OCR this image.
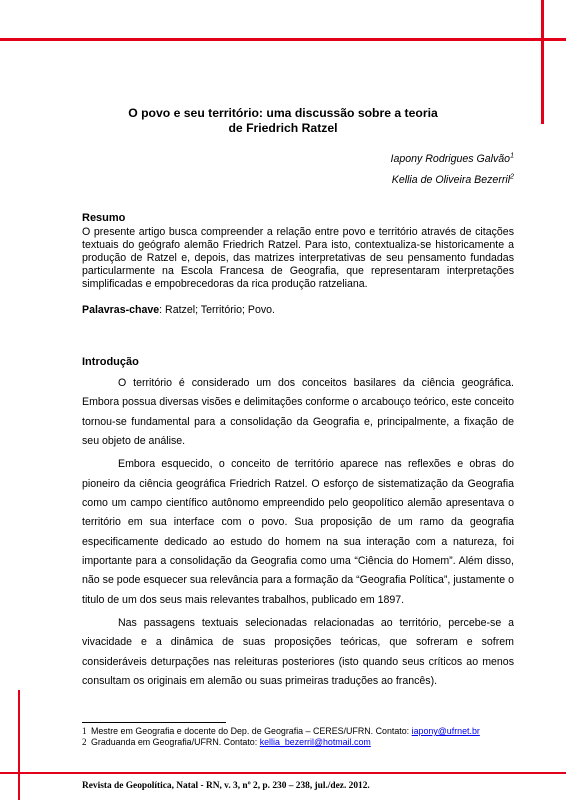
O povo e seu território: uma discussão sobre a teoria
de Friedrich Ratzel
Iapony Rodrigues Galvão$^1$
Kellia de Oliveira Bezerril$^2$
Resumo
O presente artigo busca compreender a relação entre povo e território através de citações textuais do geógrafo alemão Friedrich Ratzel. Para isto, contextualiza-se historicamente a produção de Ratzel e, depois, das matrizes interpretativas de seu pensamento fundadas particularmente na Escola Francesa de Geografia, que representaram interpretações simplificadas e empobrecedoras da rica produção ratzeliana.
Palavras-chave: Ratzel; Território; Povo.
Introdução

O território é considerado um dos conceitos basilares da ciência geográfica. Embora possua diversas visões e delimitações conforme o arcabouço teórico, este conceito tornou-se fundamental para a consolidação da Geografia e, principalmente, a fixação de seu objeto de análise.

Embora esquecido, o conceito de território aparece nas reflexões e obras do pioneiro da ciência geográfica Friedrich Ratzel. O esforço de sistematização da Geografia como um campo científico autônomo empreendido pelo geopolítico alemão apresentava o território em sua interface com o povo. Sua proposição de um ramo da geografia especificamente dedicado ao estudo do homem na sua interação com a natureza, foi importante para a consolidação da Geografia como uma “Ciência do Homem”. Além disso, não se pode esquecer sua relevância para a formação da “Geografia Política”, justamente o titulo de um dos seus mais relevantes trabalhos, publicado em 1897.

Nas passagens textuais selecionadas relacionadas ao território, percebe-se a vivacidade e a dinâmica de suas proposições teóricas, que sofreram e sofrem consideráveis deturpações nas releituras posteriores (isto quando seus críticos ao menos consultam os originais em alemão ou suas primeiras traduções ao francês).

1 Mestre em Geografia e docente do Dep. de Geografia – CERES/UFRN. Contato: iapony@ufrnet.br
2 Graduanda em Geografia/UFRN. Contato: kellia_bezerril@hotmail.com
Revista de Geopolítica, Natal - RN, v. 3, nº 2, p. 230 – 238, jul./dez. 2012.
